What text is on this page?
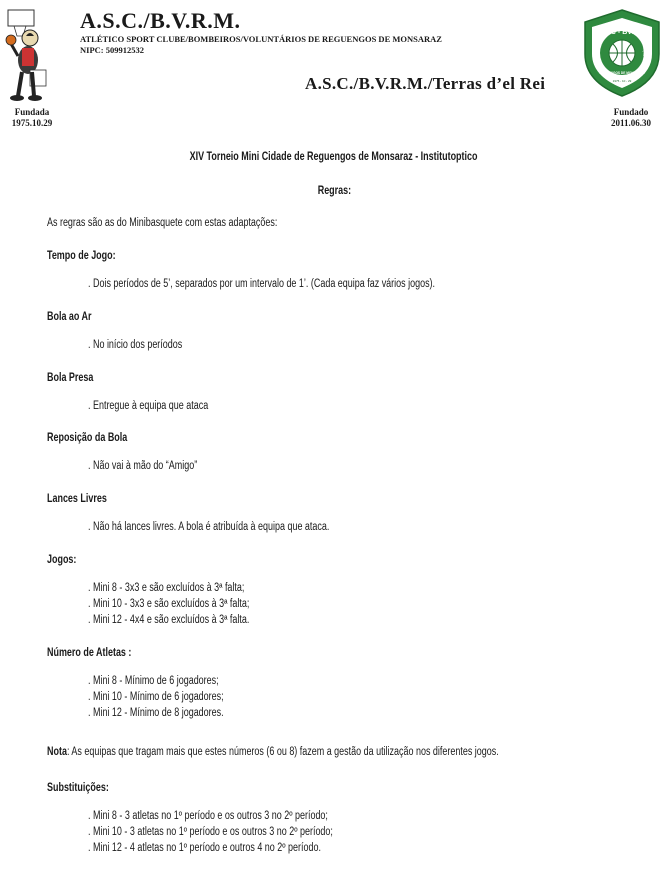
A.S.C./B.V.R.M.
ATLÉTICO SPORT CLUBE/BOMBEIROS/VOLUNTÁRIOS DE REGUENGOS DE MONSARAZ
NIPC: 509912532
A.S.C./B.V.R.M./Terras d’el Rei
ASC - BVRM
BASQUETEBOL
REGUENGOS DE MONSARAZ
1975 - 10 - 29
Fundada
1975.10.29
Fundado
2011.06.30
XIV Torneio Mini Cidade de Reguengos de Monsaraz - Institutoptico
Regras:
As regras são as do Minibasquete com estas adaptações:
Tempo de Jogo:
. Dois períodos de 5’, separados por um intervalo de 1’. (Cada equipa faz vários jogos).
Bola ao Ar
. No início dos períodos
Bola Presa
. Entregue à equipa que ataca
Reposição da Bola
. Não vai à mão do “Amigo”
Lances Livres
. Não há lances livres. A bola é atribuída à equipa que ataca.
Jogos:
. Mini 8 - 3x3 e são excluídos à 3ª falta;
. Mini 10 - 3x3 e são excluídos à 3ª falta;
. Mini 12 - 4x4 e são excluídos à 3ª falta.
Número de Atletas :
. Mini 8 - Mínimo de 6 jogadores;
. Mini 10 - Mínimo de 6 jogadores;
. Mini 12 - Mínimo de 8 jogadores.
Nota: As equipas que tragam mais que estes números (6 ou 8) fazem a gestão da utilização nos diferentes jogos.
Substituições:
. Mini 8 - 3 atletas no 1º período e os outros 3 no 2º período;
. Mini 10 - 3 atletas no 1º período e os outros 3 no 2º período;
. Mini 12 - 4 atletas no 1º período e outros 4 no 2º período.
